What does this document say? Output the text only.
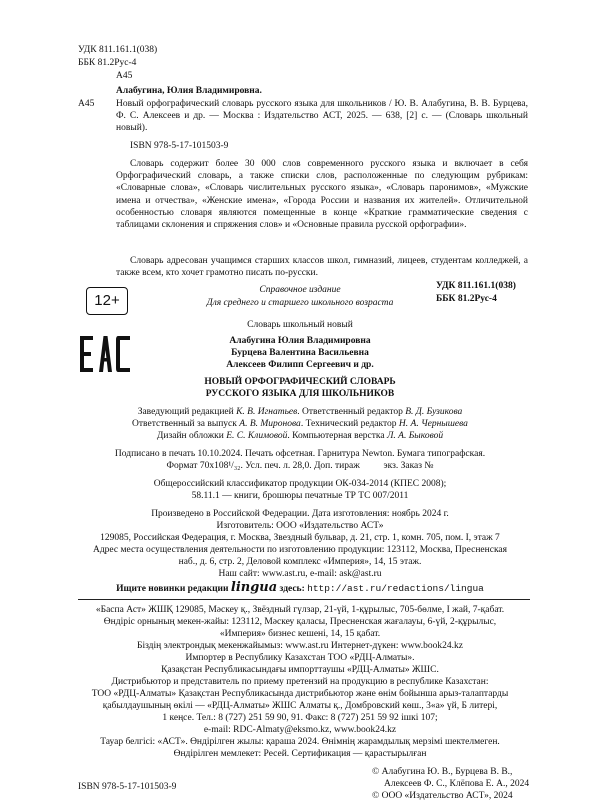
УДК 811.161.1(038)
ББК 81.2Рус-4
А45
Алабугина, Юлия Владимировна.
А45 Новый орфографический словарь русского языка для школьников / Ю. В. Алабугина, В. В. Бурцева, Ф. С. Алексеев и др. — Москва : Издательство АСТ, 2025. — 638, [2] с. — (Словарь школьный новый).

ISBN 978-5-17-101503-9

Словарь содержит более 30 000 слов современного русского языка и включает в себя Орфографический словарь, а также списки слов, расположенные по следующим рубрикам: «Словарные слова», «Словарь числительных русского языка», «Словарь паронимов», «Мужские имена и отчества», «Женские имена», «Города России и названия их жителей». Отличительной особенностью словаря являются помещенные в конце «Краткие грамматические сведения с таблицами склонения и спряжения слов» и «Основные правила русской орфографии».

Словарь адресован учащимся старших классов школ, гимназий, лицеев, студентам колледжей, а также всем, кто хочет грамотно писать по-русски.

УДК 811.161.1(038)
ББК 81.2Рус-4
12+
Справочное издание
Для среднего и старшего школьного возраста
Словарь школьный новый
Алабугина Юлия Владимировна
Бурцева Валентина Васильевна
Алексеев Филипп Сергеевич и др.
НОВЫЙ ОРФОГРАФИЧЕСКИЙ СЛОВАРЬ
РУССКОГО ЯЗЫКА ДЛЯ ШКОЛЬНИКОВ
Заведующий редакцией К. В. Игнатьев. Ответственный редактор В. Д. Бузикова
Ответственный за выпуск А. В. Миронова. Технический редактор Н. А. Чернышева
Дизайн обложки Е. С. Климовой. Компьютерная верстка Л. А. Быковой
Подписано в печать 10.10.2024. Печать офсетная. Гарнитура Newton. Бумага типографская.
Формат 70x108¹/₃₂. Усл. печ. л. 28,0. Доп. тираж          экз. Заказ №
Общероссийский классификатор продукции ОК-034-2014 (КПЕС 2008);
58.11.1 — книги, брошюры печатные ТР ТС 007/2011
Произведено в Российской Федерации. Дата изготовления: ноябрь 2024 г.
Изготовитель: ООО «Издательство АСТ»
129085, Российская Федерация, г. Москва, Звездный бульвар, д. 21, стр. 1, комн. 705, пом. I, этаж 7
Адрес места осуществления деятельности по изготовлению продукции: 123112, Москва, Пресненская
наб., д. 6, стр. 2, Деловой комплекс «Империя», 14, 15 этаж.
Наш сайт: www.ast.ru, e-mail: ask@ast.ru
Ищите новинки редакции lingua здесь: http://ast.ru/redactions/lingua
«Баспа Аст» ЖШҚ 129085, Мәскеу қ., Звёздный гүлзар, 21-үй, 1-құрылыс, 705-бөлме, I жай, 7-қабат.
Өндіріс орнының мекен-жайы: 123112, Мәскеу қаласы, Пресненская жағалауы, 6-үй, 2-құрылыс,
«Империя» бизнес кешені, 14, 15 қабат.
Біздің электрондық мекенжайымыз: www.ast.ru Интернет-дүкен: www.book24.kz
Импортер в Республику Казахстан ТОО «РДЦ-Алматы».
Қазақстан Республикасындағы импорттаушы «РДЦ-Алматы» ЖШС.
Дистрибьютор и представитель по приему претензий на продукцию в республике Казахстан:
ТОО «РДЦ-Алматы» Қазақстан Республикасында дистрибьютор және өнім бойынша арыз-талаптарды
қабылдаушының өкілі — «РДЦ-Алматы» ЖШС Алматы қ., Домбровский көш., 3«а» үй, Б литері,
1 кеңсе. Тел.: 8 (727) 251 59 90, 91. Факс: 8 (727) 251 59 92 ішкі 107;
e-mail: RDC-Almaty@eksmo.kz, www.book24.kz
Тауар белгісі: «АСТ». Өндірілген жылы: қараша 2024. Өнімнің жарамдылық мерзімі шектелмеген.
Өндірілген мемлекет: Ресей. Сертификация — қарастырылған
© Алабугина Ю. В., Бурцева В. В.,
Алексеев Ф. С., Клёпова Е. А., 2024
© ООО «Издательство АСТ», 2024
ISBN 978-5-17-101503-9
